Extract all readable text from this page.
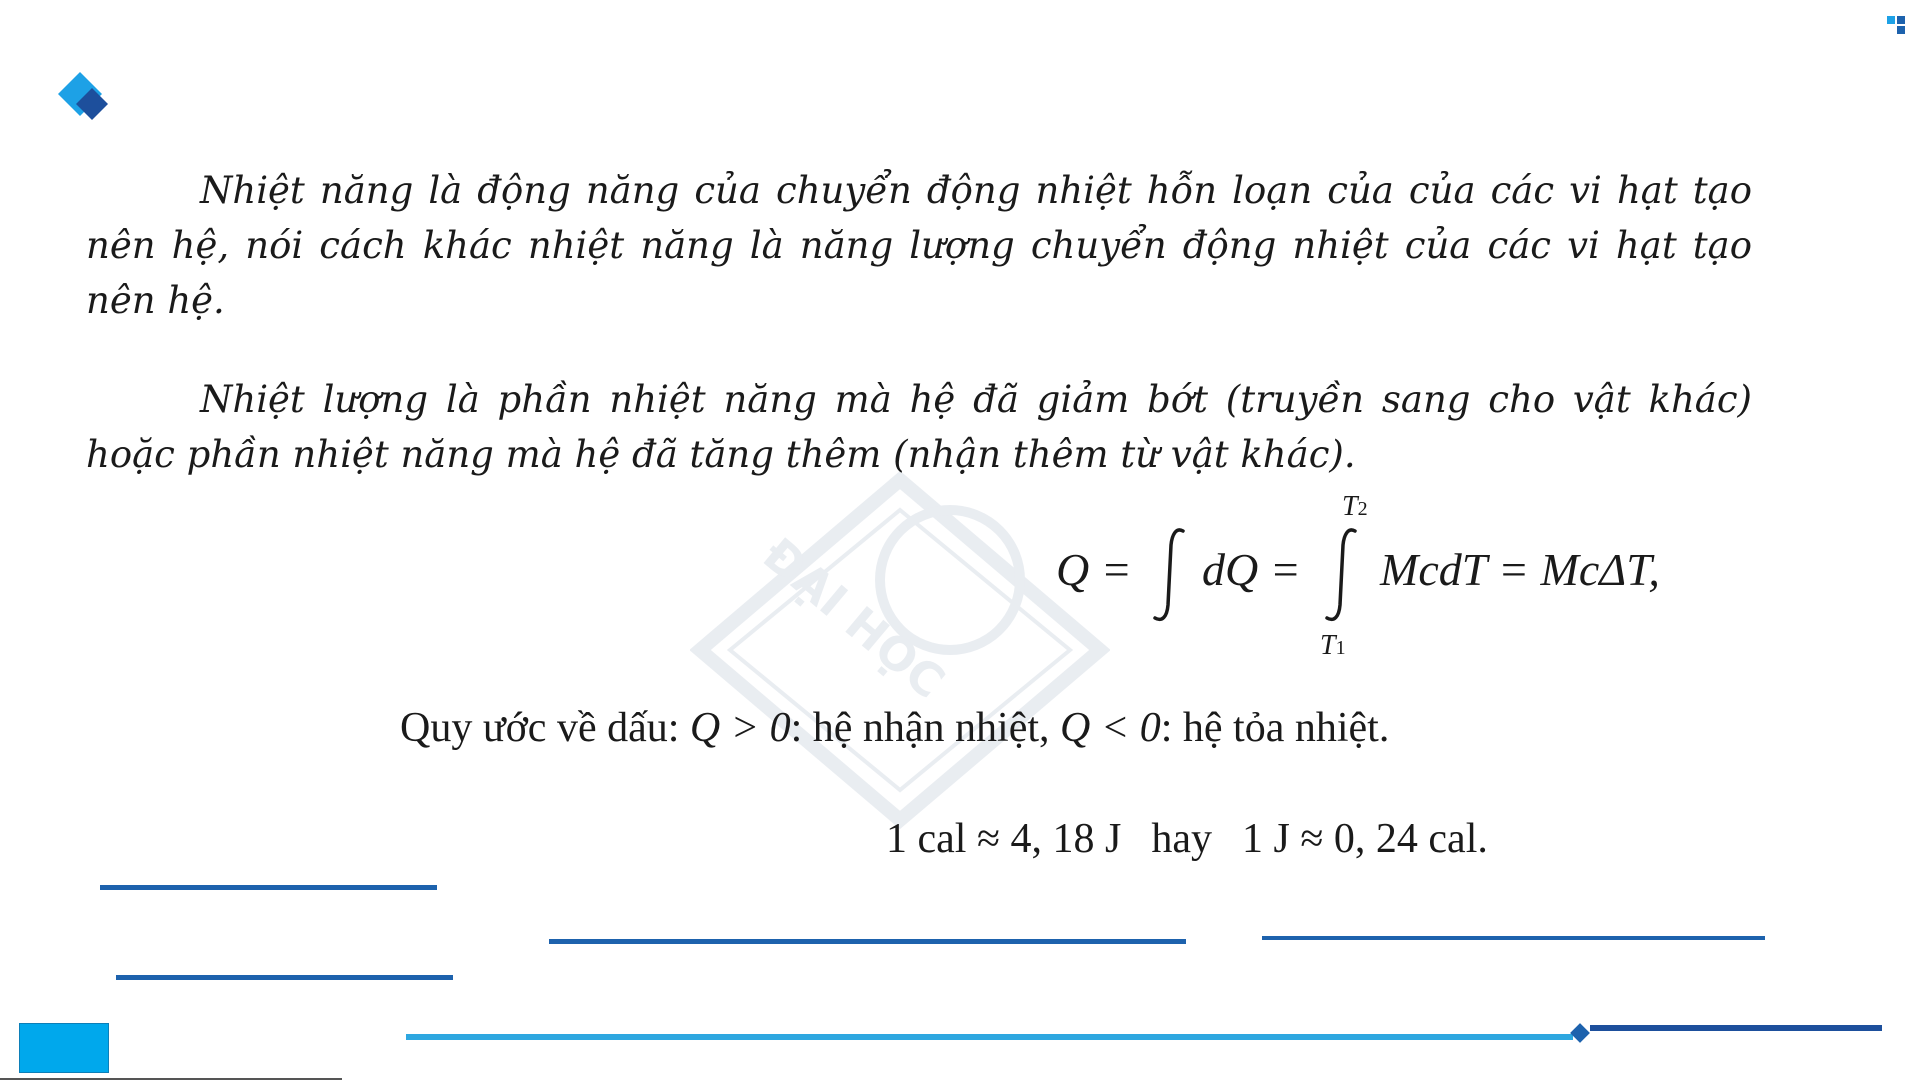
ĐẠI HỌC

Nhiệt năng là động năng của chuyển động nhiệt hỗn loạn của của các vi hạt tạo nên hệ, nói cách khác nhiệt năng là năng lượng chuyển động nhiệt của các vi hạt tạo nên hệ.

Nhiệt lượng là phần nhiệt năng mà hệ đã giảm bớt (truyền sang cho vật khác) hoặc phần nhiệt năng mà hệ đã tăng thêm (nhận thêm từ vật khác).

Q = dQ =
T2
T1
McdT = McΔT,
Quy ước về dấu: Q > 0: hệ nhận nhiệt, Q < 0: hệ tỏa nhiệt.
1 cal ≈ 4, 18 J hay 1 J ≈ 0, 24 cal.
